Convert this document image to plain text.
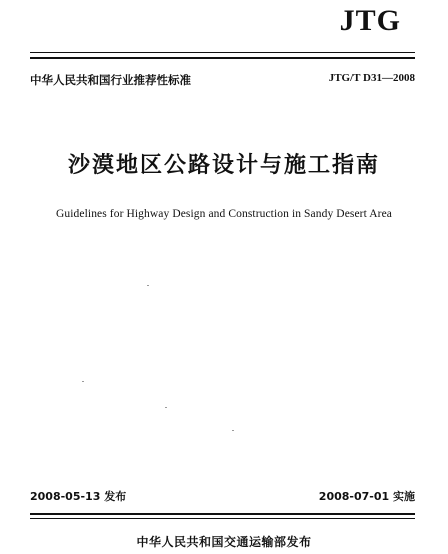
JTG
中华人民共和国行业推荐性标准	JTG/T D31—2008
沙漠地区公路设计与施工指南
Guidelines for Highway Design and Construction in Sandy Desert Area
2008-05-13 发布	2008-07-01 实施
中华人民共和国交通运输部发布
